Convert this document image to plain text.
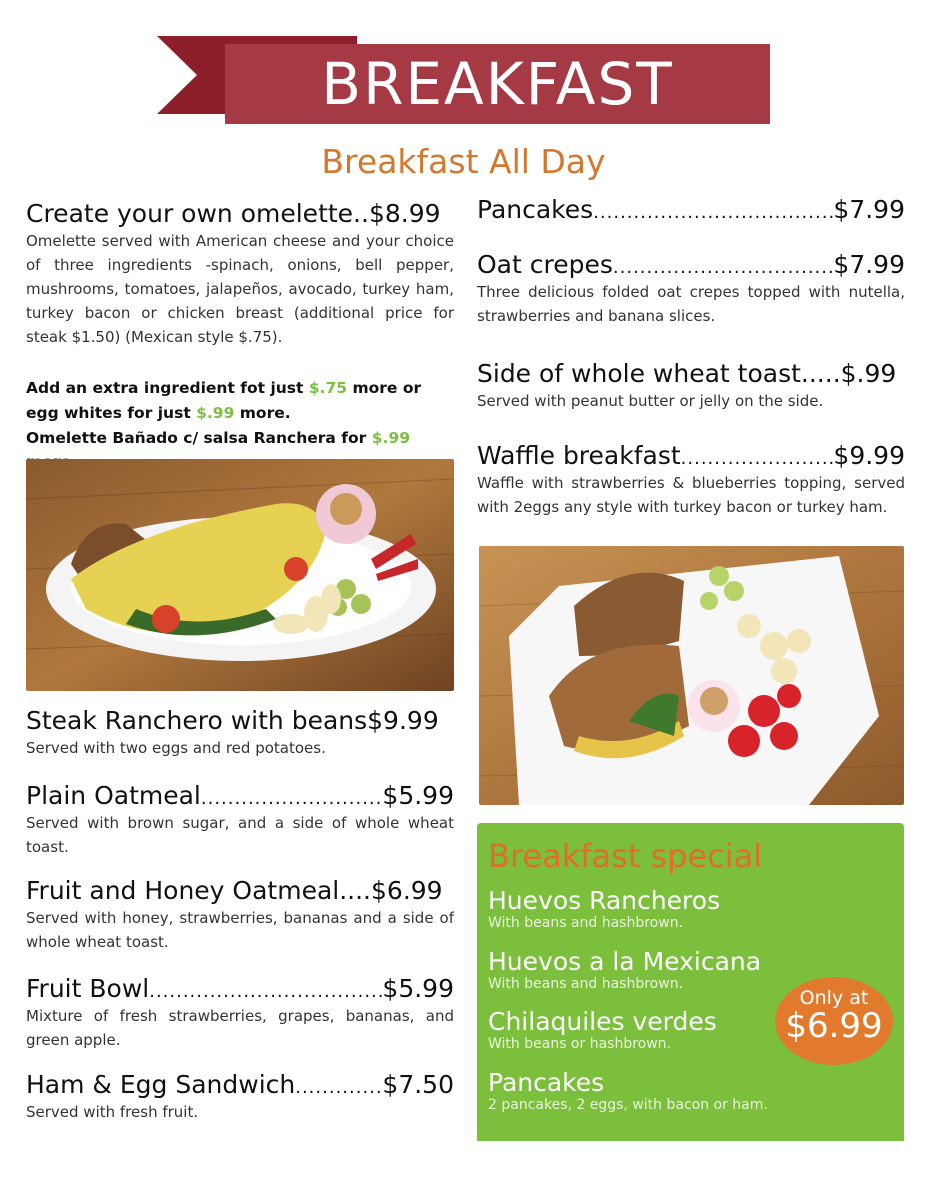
BREAKFAST
Breakfast All Day
Create your own omelette.. $8.99
Omelette served with American cheese and your choice of three ingredients -spinach, onions, bell pepper, mushrooms, tomatoes, jalapeños, avocado, turkey ham, turkey bacon or chicken breast (additional price for steak $1.50) (Mexican style $.75).
Add an extra ingredient fot just $.75 more or egg whites for just $.99 more.
Omelette Bañado c/ salsa Ranchera for $.99
Steak Ranchero with beans $9.99
Served with two eggs and red potatoes.
Plain Oatmeal .....	$5.99
Served with brown sugar, and a side of whole wheat toast.
Fruit and Honey Oatmeal.... $6.99
Served with honey, strawberries, bananas and a side of whole wheat toast.
Fruit Bowl .....	$5.99
Mixture of fresh strawberries, grapes, bananas, and green apple.
Ham & Egg Sandwich .....	$7.50
Served with fresh fruit.
Pancakes .....	$7.99
Oat crepes .....	$7.99
Three delicious folded oat crepes topped with nutella, strawberries and banana slices.
Side of whole wheat toast..... $.99
Served with peanut butter or jelly on the side.
Waffle breakfast .....	$9.99
Waffle with strawberries & blueberries topping, served with 2eggs any style with turkey bacon or turkey ham.
Breakfast special
Huevos Rancheros
With beans and hashbrown.
Huevos a la Mexicana
With beans and hashbrown.
Chilaquiles verdes
With beans or hashbrown.
Pancakes
2 pancakes, 2 eggs, with bacon or ham.
Only at
$6.99
